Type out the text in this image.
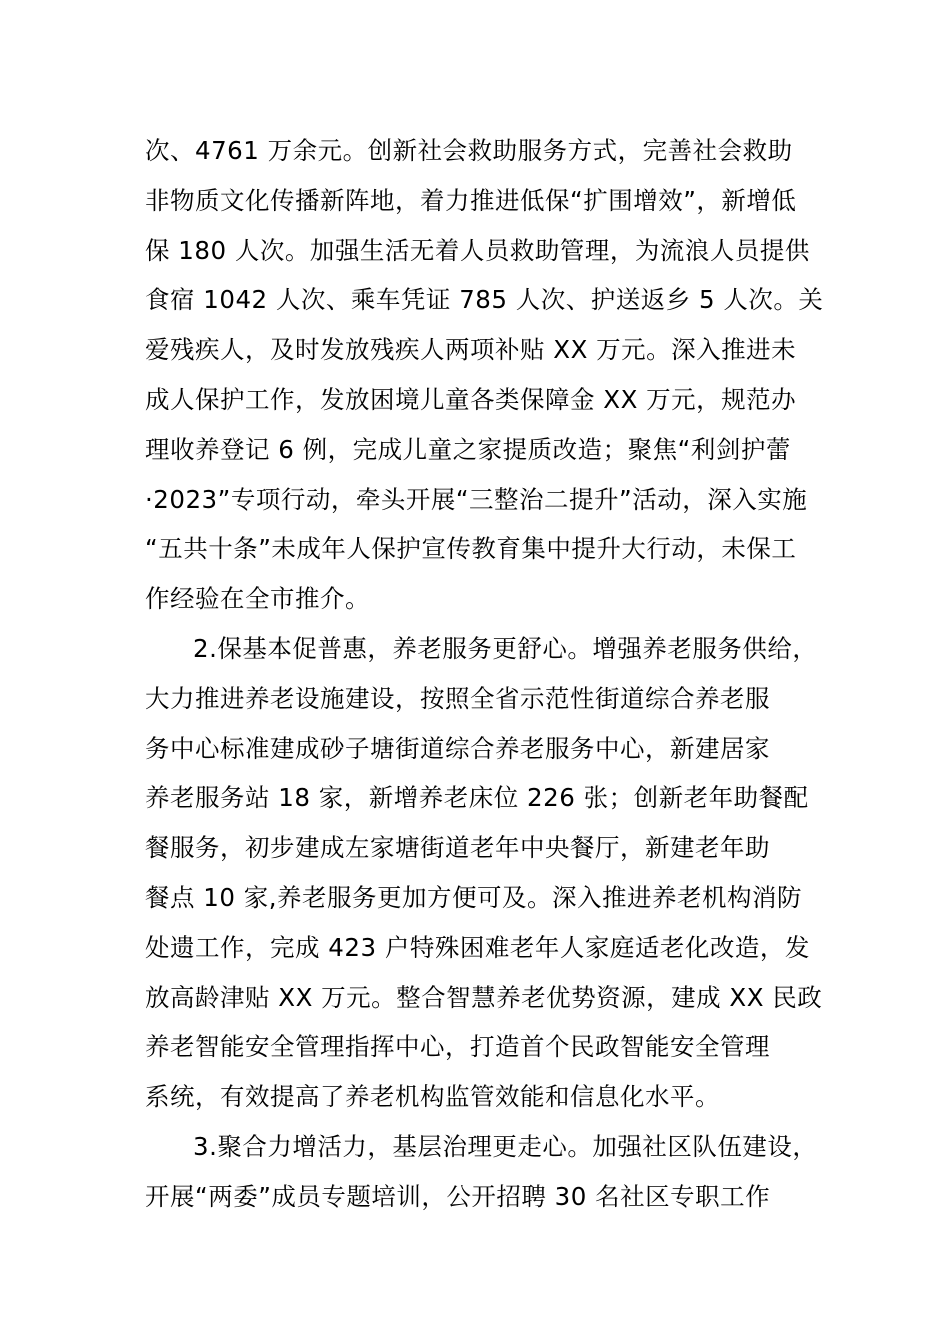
次、4761 万余元。创新社会救助服务方式，完善社会救助
非物质文化传播新阵地，着力推进低保“扩围增效”，新增低
保 180 人次。加强生活无着人员救助管理，为流浪人员提供
食宿 1042 人次、乘车凭证 785 人次、护送返乡 5 人次。关
爱残疾人，及时发放残疾人两项补贴 XX 万元。深入推进未
成人保护工作，发放困境儿童各类保障金 XX 万元，规范办
理收养登记 6 例，完成儿童之家提质改造；聚焦“利剑护蕾
·2023”专项行动，牵头开展“三整治二提升”活动，深入实施
“五共十条”未成年人保护宣传教育集中提升大行动，未保工
作经验在全市推介。
2.保基本促普惠，养老服务更舒心。增强养老服务供给，
大力推进养老设施建设，按照全省示范性街道综合养老服
务中心标准建成砂子塘街道综合养老服务中心，新建居家
养老服务站 18 家，新增养老床位 226 张；创新老年助餐配
餐服务，初步建成左家塘街道老年中央餐厅，新建老年助
餐点 10 家,养老服务更加方便可及。深入推进养老机构消防
处遗工作，完成 423 户特殊困难老年人家庭适老化改造，发
放高龄津贴 XX 万元。整合智慧养老优势资源，建成 XX 民政
养老智能安全管理指挥中心，打造首个民政智能安全管理
系统，有效提高了养老机构监管效能和信息化水平。
3.聚合力增活力，基层治理更走心。加强社区队伍建设，
开展“两委”成员专题培训，公开招聘 30 名社区专职工作
